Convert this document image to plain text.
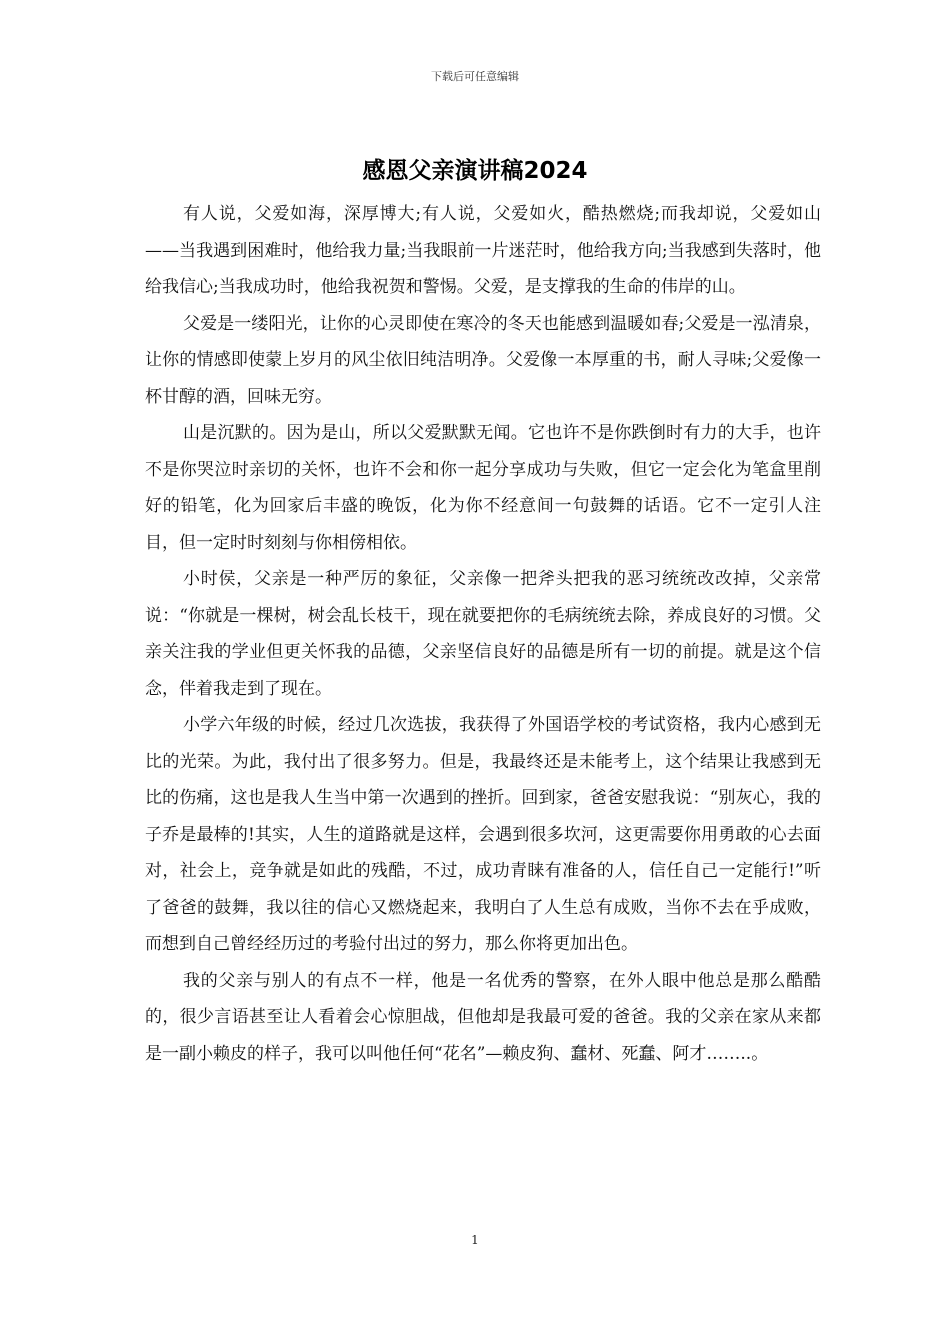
下载后可任意编辑
感恩父亲演讲稿2024

有人说，父爱如海，深厚博大;有人说，父爱如火，酷热燃烧;而我却说，父爱如山——当我遇到困难时，他给我力量;当我眼前一片迷茫时，他给我方向;当我感到失落时，他给我信心;当我成功时，他给我祝贺和警惕。父爱，是支撑我的生命的伟岸的山。

父爱是一缕阳光，让你的心灵即使在寒冷的冬天也能感到温暖如春;父爱是一泓清泉，让你的情感即使蒙上岁月的风尘依旧纯洁明净。父爱像一本厚重的书，耐人寻味;父爱像一杯甘醇的酒，回味无穷。

山是沉默的。因为是山，所以父爱默默无闻。它也许不是你跌倒时有力的大手，也许不是你哭泣时亲切的关怀，也许不会和你一起分享成功与失败，但它一定会化为笔盒里削好的铅笔，化为回家后丰盛的晚饭，化为你不经意间一句鼓舞的话语。它不一定引人注目，但一定时时刻刻与你相傍相依。

小时侯，父亲是一种严厉的象征，父亲像一把斧头把我的恶习统统改改掉，父亲常说：“你就是一棵树，树会乱长枝干，现在就要把你的毛病统统去除，养成良好的习惯。父亲关注我的学业但更关怀我的品德，父亲坚信良好的品德是所有一切的前提。就是这个信念，伴着我走到了现在。

小学六年级的时候，经过几次选拔，我获得了外国语学校的考试资格，我内心感到无比的光荣。为此，我付出了很多努力。但是，我最终还是未能考上，这个结果让我感到无比的伤痛，这也是我人生当中第一次遇到的挫折。回到家，爸爸安慰我说：“别灰心，我的子乔是最棒的!其实，人生的道路就是这样，会遇到很多坎河，这更需要你用勇敢的心去面对，社会上，竞争就是如此的残酷，不过，成功青睐有准备的人，信任自己一定能行!”听了爸爸的鼓舞，我以往的信心又燃烧起来，我明白了人生总有成败，当你不去在乎成败，而想到自己曾经经历过的考验付出过的努力，那么你将更加出色。

我的父亲与别人的有点不一样，他是一名优秀的警察，在外人眼中他总是那么酷酷的，很少言语甚至让人看着会心惊胆战，但他却是我最可爱的爸爸。我的父亲在家从来都是一副小赖皮的样子，我可以叫他任何“花名”—赖皮狗、蠢材、死蠢、阿才……..。

1
